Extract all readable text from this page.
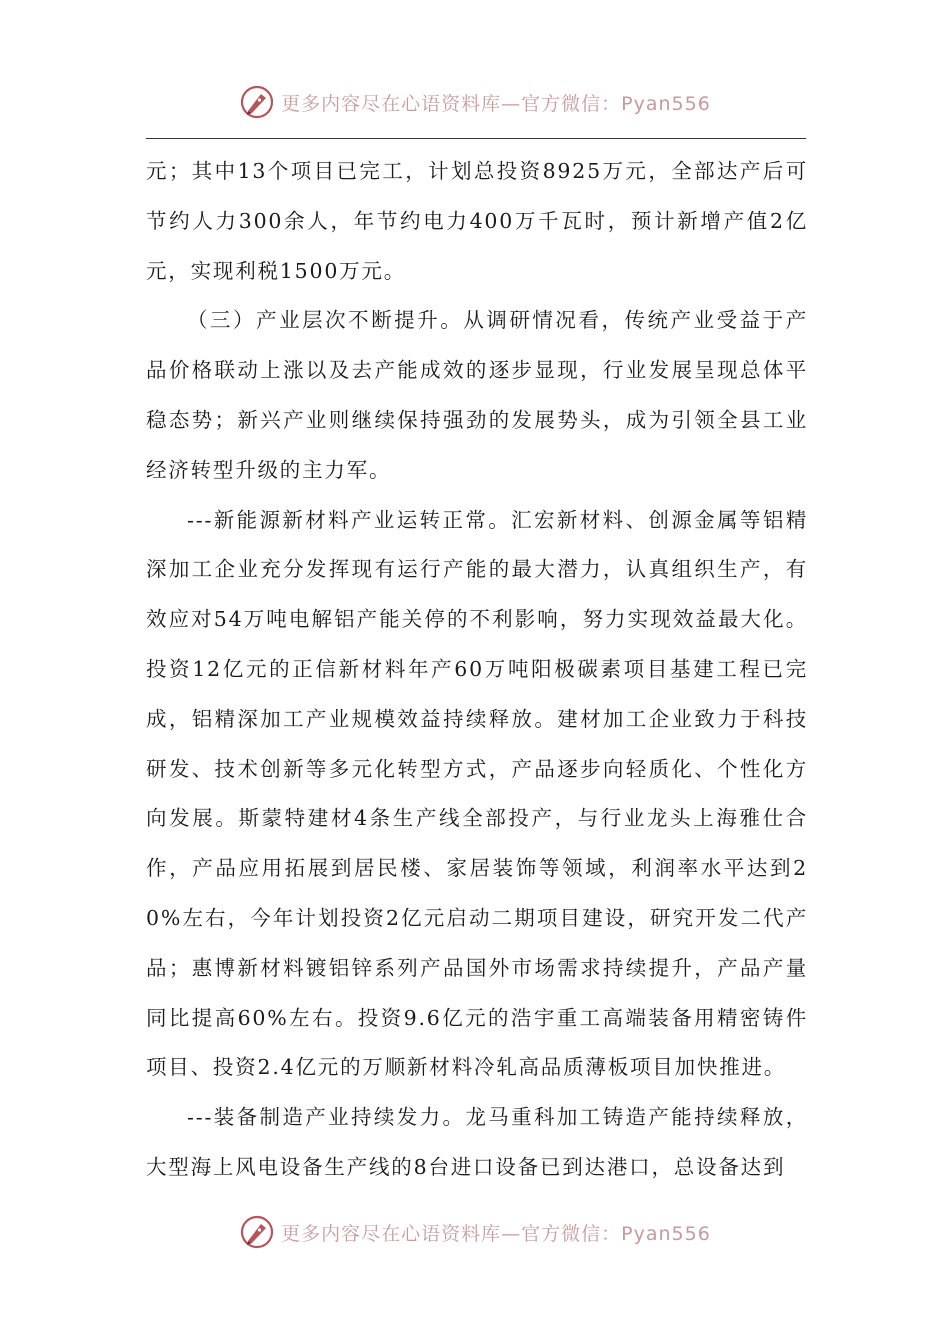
更多内容尽在心语资料库—官方微信：Pyan556

元；其中13个项目已完工，计划总投资8925万元，全部达产后可节约人力300余人，年节约电力400万千瓦时，预计新增产值2亿元，实现利税1500万元。

（三）产业层次不断提升。从调研情况看，传统产业受益于产品价格联动上涨以及去产能成效的逐步显现，行业发展呈现总体平稳态势；新兴产业则继续保持强劲的发展势头，成为引领全县工业经济转型升级的主力军。

---新能源新材料产业运转正常。汇宏新材料、创源金属等铝精深加工企业充分发挥现有运行产能的最大潜力，认真组织生产，有效应对54万吨电解铝产能关停的不利影响，努力实现效益最大化。投资12亿元的正信新材料年产60万吨阳极碳素项目基建工程已完成，铝精深加工产业规模效益持续释放。建材加工企业致力于科技研发、技术创新等多元化转型方式，产品逐步向轻质化、个性化方向发展。斯蒙特建材4条生产线全部投产，与行业龙头上海雅仕合作，产品应用拓展到居民楼、家居装饰等领域，利润率水平达到20%左右，今年计划投资2亿元启动二期项目建设，研究开发二代产品；惠博新材料镀铝锌系列产品国外市场需求持续提升，产品产量同比提高60%左右。投资9.6亿元的浩宇重工高端装备用精密铸件项目、投资2.4亿元的万顺新材料冷轧高品质薄板项目加快推进。

---装备制造产业持续发力。龙马重科加工铸造产能持续释放，大型海上风电设备生产线的8台进口设备已到达港口，总设备达到

更多内容尽在心语资料库—官方微信：Pyan556
